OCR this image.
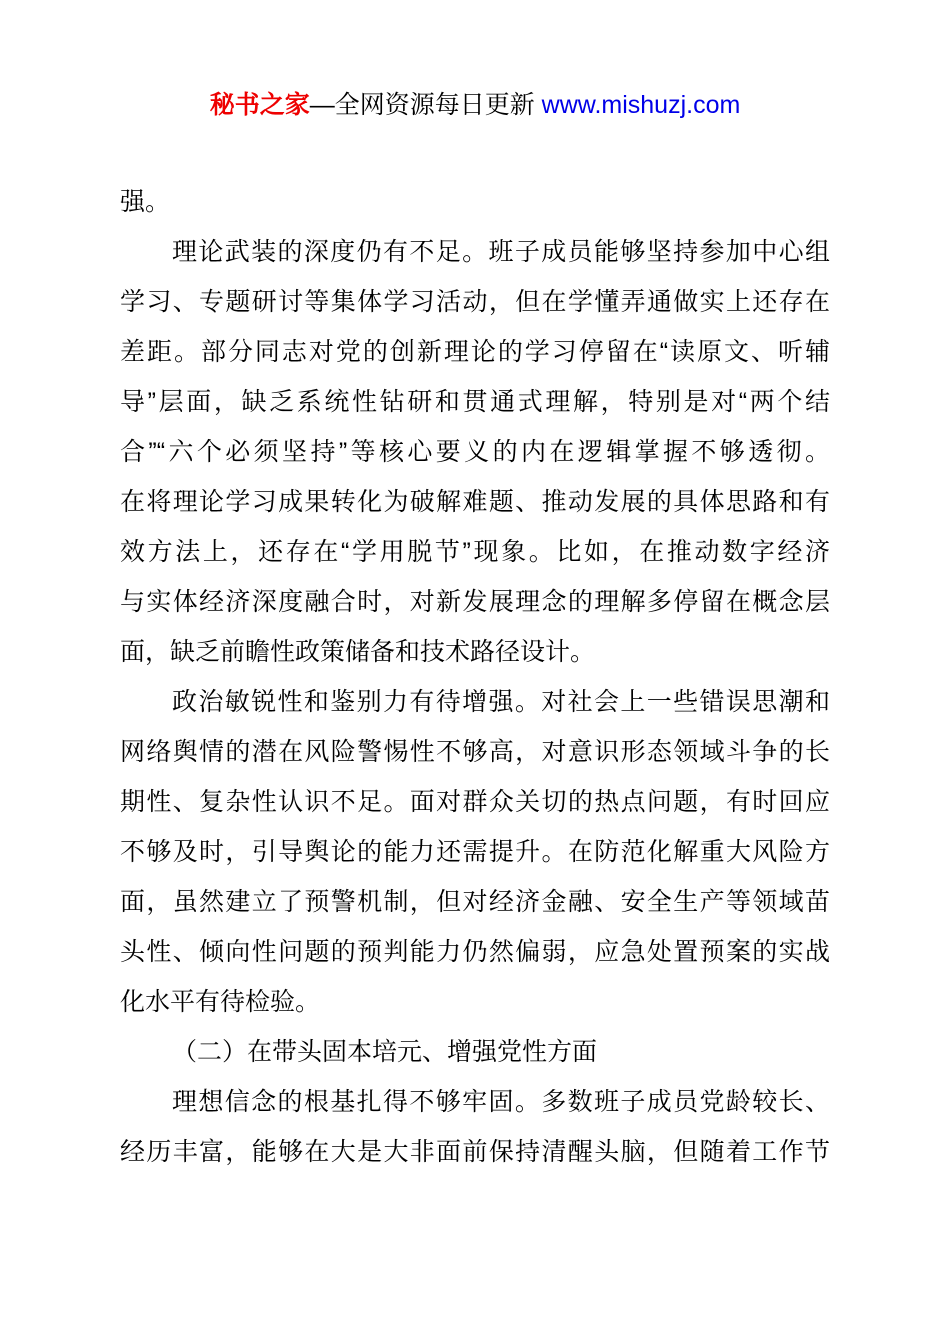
秘书之家—全网资源每日更新 www.mishuzj.com
强。
理论武装的深度仍有不足。班子成员能够坚持参加中心组
学习、专题研讨等集体学习活动，但在学懂弄通做实上还存在
差距。部分同志对党的创新理论的学习停留在“读原文、听辅
导”层面，缺乏系统性钻研和贯通式理解，特别是对“两个结
合”“六个必须坚持”等核心要义的内在逻辑掌握不够透彻。
在将理论学习成果转化为破解难题、推动发展的具体思路和有
效方法上，还存在“学用脱节”现象。比如，在推动数字经济
与实体经济深度融合时，对新发展理念的理解多停留在概念层
面，缺乏前瞻性政策储备和技术路径设计。
政治敏锐性和鉴别力有待增强。对社会上一些错误思潮和
网络舆情的潜在风险警惕性不够高，对意识形态领域斗争的长
期性、复杂性认识不足。面对群众关切的热点问题，有时回应
不够及时，引导舆论的能力还需提升。在防范化解重大风险方
面，虽然建立了预警机制，但对经济金融、安全生产等领域苗
头性、倾向性问题的预判能力仍然偏弱，应急处置预案的实战
化水平有待检验。
（二）在带头固本培元、增强党性方面
理想信念的根基扎得不够牢固。多数班子成员党龄较长、
经历丰富，能够在大是大非面前保持清醒头脑，但随着工作节
